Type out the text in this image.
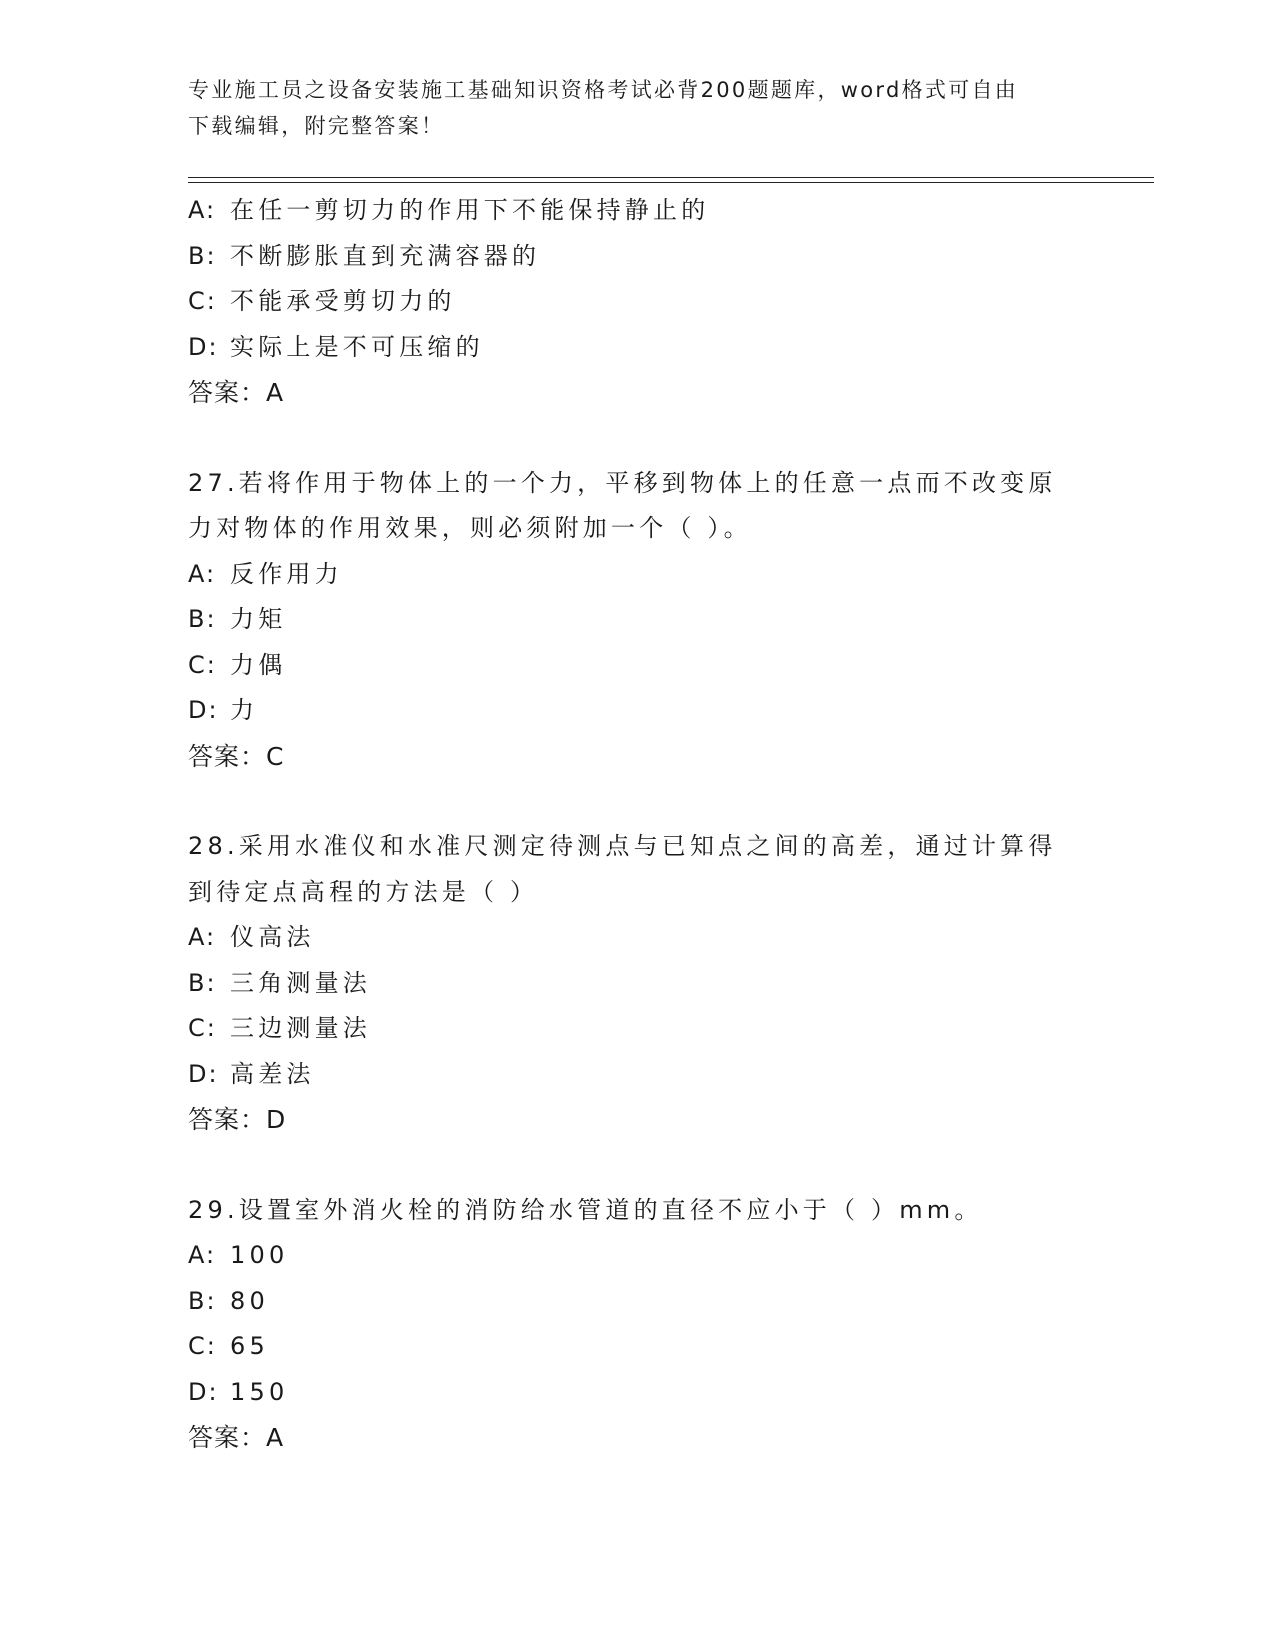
专业施工员之设备安装施工基础知识资格考试必背200题题库，word格式可自由
下载编辑，附完整答案！
A: 在任一剪切力的作用下不能保持静止的
B: 不断膨胀直到充满容器的
C: 不能承受剪切力的
D: 实际上是不可压缩的
答案：A
27.若将作用于物体上的一个力，平移到物体上的任意一点而不改变原
力对物体的作用效果，则必须附加一个（ ）。
A: 反作用力
B: 力矩
C: 力偶
D: 力
答案：C
28.采用水准仪和水准尺测定待测点与已知点之间的高差，通过计算得
到待定点高程的方法是（ ）
A: 仪高法
B: 三角测量法
C: 三边测量法
D: 高差法
答案：D
29.设置室外消火栓的消防给水管道的直径不应小于（ ）mm。
A: 100
B: 80
C: 65
D: 150
答案：A
